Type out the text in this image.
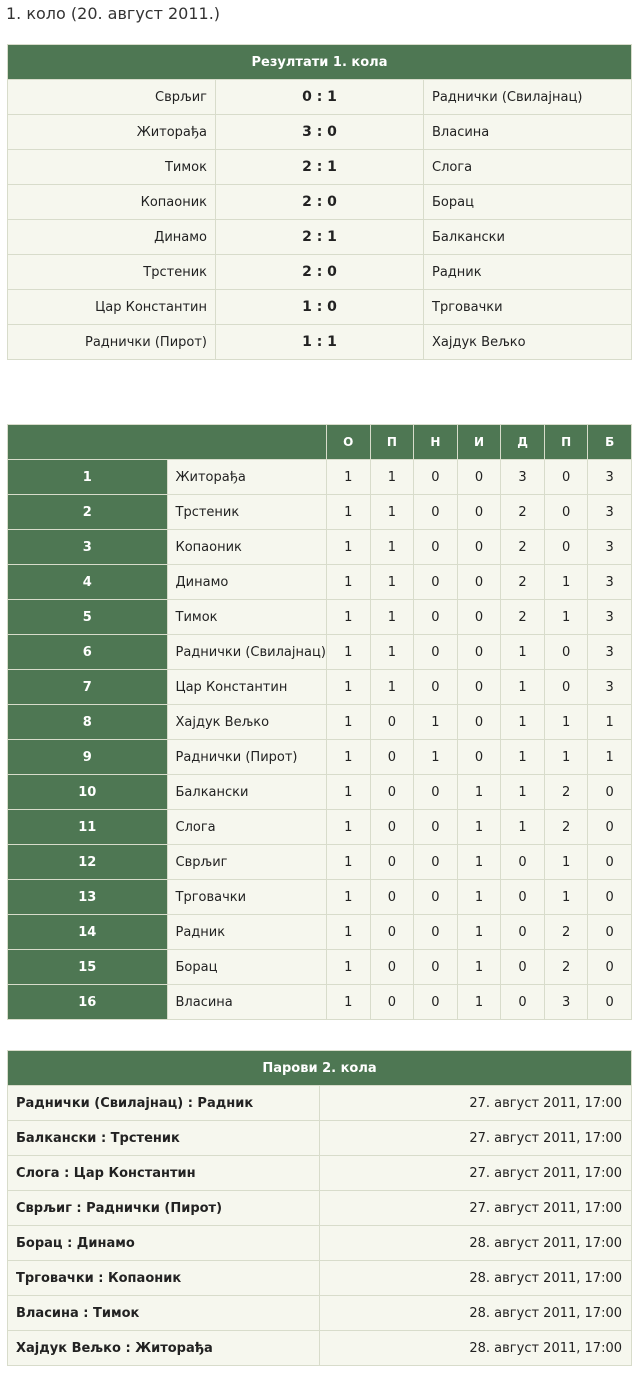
1. коло (20. август 2011.)
Резултати 1. кола		
Сврљиг	0 : 1	Раднички (Свилајнац)
Житорађа	3 : 0	Власина
Тимок	2 : 1	Слога
Копаоник	2 : 0	Борац
Динамо	2 : 1	Балкански
Трстеник	2 : 0	Радник
Цар Константин	1 : 0	Трговачки
Раднички (Пирот)	1 : 1	Хајдук Вељко
		О	П	Н	И	Д	П	Б
1	Житорађа	1	1	0	0	3	0	3
2	Трстеник	1	1	0	0	2	0	3
3	Копаоник	1	1	0	0	2	0	3
4	Динамо	1	1	0	0	2	1	3
5	Тимок	1	1	0	0	2	1	3
6	Раднички (Свилајнац)	1	1	0	0	1	0	3
7	Цар Константин	1	1	0	0	1	0	3
8	Хајдук Вељко	1	0	1	0	1	1	1
9	Раднички (Пирот)	1	0	1	0	1	1	1
10	Балкански	1	0	0	1	1	2	0
11	Слога	1	0	0	1	1	2	0
12	Сврљиг	1	0	0	1	0	1	0
13	Трговачки	1	0	0	1	0	1	0
14	Радник	1	0	0	1	0	2	0
15	Борац	1	0	0	1	0	2	0
16	Власина	1	0	0	1	0	3	0
Парови 2. кола	
Раднички (Свилајнац) : Радник	27. август 2011, 17:00
Балкански : Трстеник	27. август 2011, 17:00
Слога : Цар Константин	27. август 2011, 17:00
Сврљиг : Раднички (Пирот)	27. август 2011, 17:00
Борац : Динамо	28. август 2011, 17:00
Трговачки : Копаоник	28. август 2011, 17:00
Власина : Тимок	28. август 2011, 17:00
Хајдук Вељко : Житорађа	28. август 2011, 17:00
